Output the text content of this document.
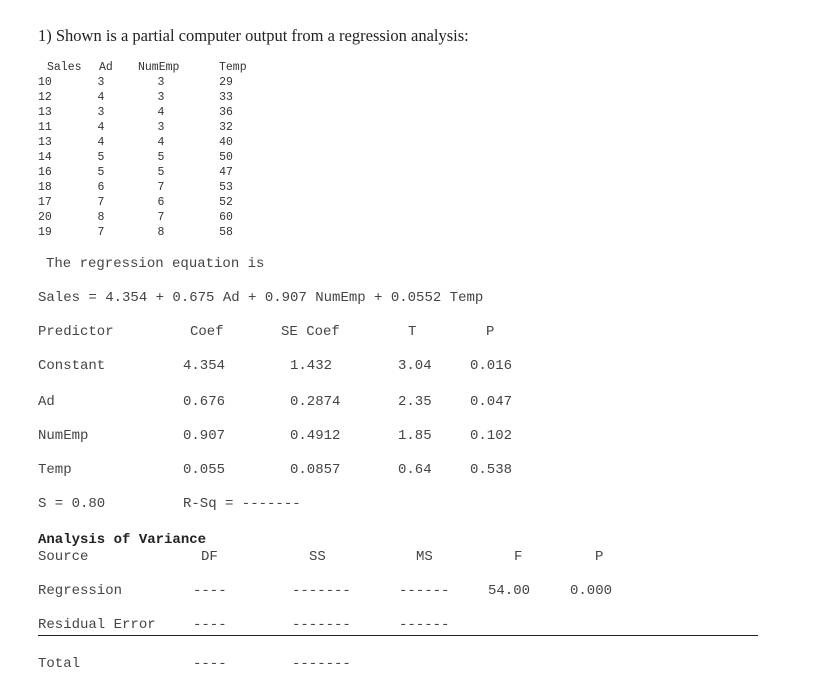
1) Shown is a partial computer output from a regression analysis:
Sales Ad NumEmp	Temp
10	3	3	29
12	4	3	33
13	3	4	36
11	4	3	32
13	4	4	40
14	5	5	50
16	5	5	47
18	6	7	53
17	7	6	52
20	8	7	60
19	7	8	58
The regression equation is
Sales = 4.354 + 0.675 Ad + 0.907 NumEmp + 0.0552 Temp
Predictor	Coef	SE Coef	T	P
Constant	4.354	1.432	3.04	0.016
Ad	0.676	0.2874	2.35	0.047
NumEmp	0.907	0.4912	1.85	0.102
Temp	0.055	0.0857	0.64	0.538
S = 0.80	R-Sq = -------
Analysis of Variance
Source	DF	SS	MS	F	P
Regression	----	-------	------	54.00	0.000
Residual Error	----	-------	------
Total	----	-------
